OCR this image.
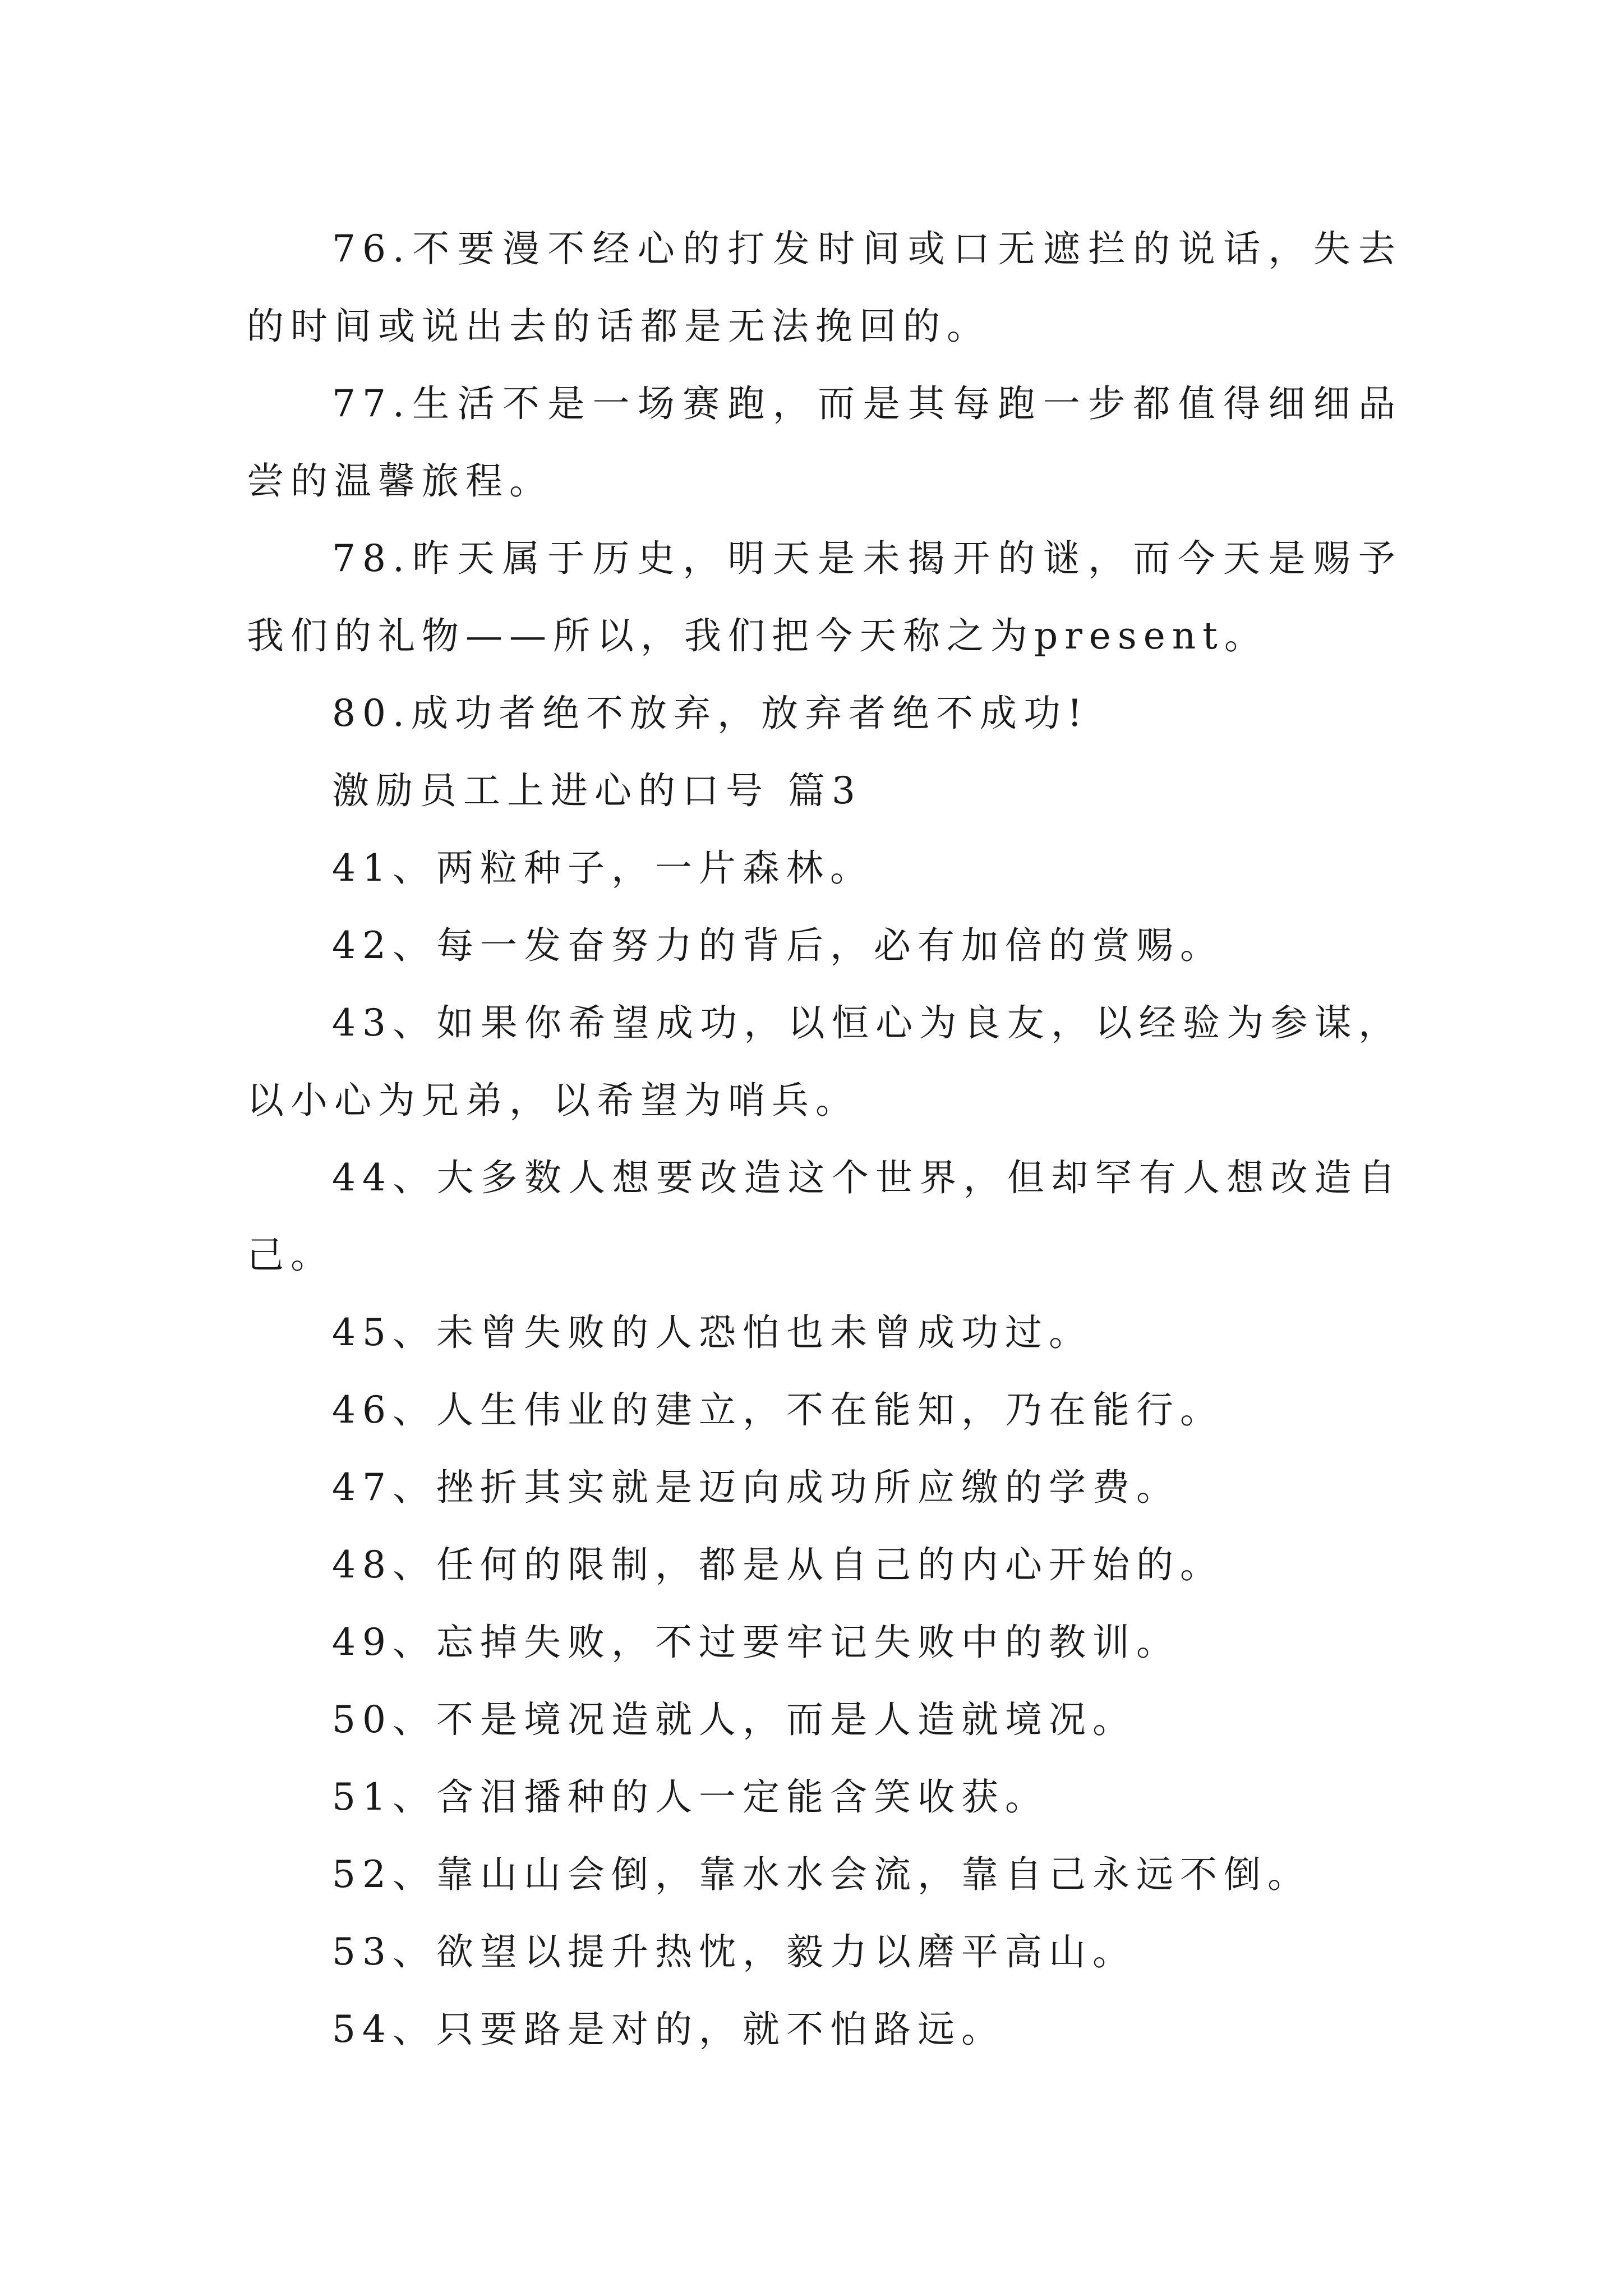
76.不要漫不经心的打发时间或口无遮拦的说话，失去的时间或说出去的话都是无法挽回的。

77.生活不是一场赛跑，而是其每跑一步都值得细细品尝的温馨旅程。

78.昨天属于历史，明天是未揭开的谜，而今天是赐予我们的礼物——所以，我们把今天称之为present。

80.成功者绝不放弃，放弃者绝不成功!

激励员工上进心的口号 篇3

41、两粒种子，一片森林。

42、每一发奋努力的背后，必有加倍的赏赐。

43、如果你希望成功，以恒心为良友，以经验为参谋，以小心为兄弟，以希望为哨兵。

44、大多数人想要改造这个世界，但却罕有人想改造自己。

45、未曾失败的人恐怕也未曾成功过。

46、人生伟业的建立，不在能知，乃在能行。

47、挫折其实就是迈向成功所应缴的学费。

48、任何的限制，都是从自己的内心开始的。

49、忘掉失败，不过要牢记失败中的教训。

50、不是境况造就人，而是人造就境况。

51、含泪播种的人一定能含笑收获。

52、靠山山会倒，靠水水会流，靠自己永远不倒。

53、欲望以提升热忱，毅力以磨平高山。

54、只要路是对的，就不怕路远。
